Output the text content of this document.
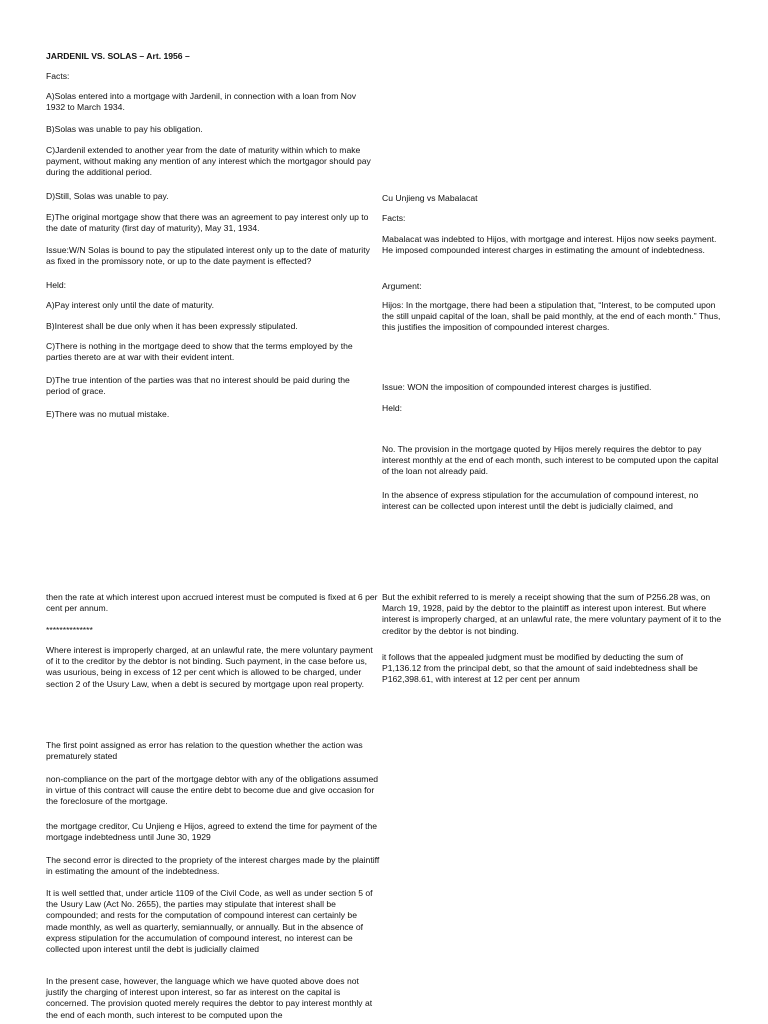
JARDENIL VS. SOLAS – Art. 1956 –

Facts:

A)Solas entered into a mortgage with Jardenil, in connection with a loan from Nov 1932 to March 1934.

B)Solas was unable to pay his obligation.

C)Jardenil extended to another year from the date of maturity within which to make payment, without making any mention of any interest which the mortgagor should pay during the additional period.

D)Still, Solas was unable to pay.

E)The original mortgage show that there was an agreement to pay interest only up to the date of maturity (first day of maturity), May 31, 1934.

Issue:W/N Solas is bound to pay the stipulated interest only up to the date of maturity as fixed in the promissory note, or up to the date payment is effected?

Held:

A)Pay interest only until the date of maturity.

B)Interest shall be due only when it has been expressly stipulated.

C)There is nothing in the mortgage deed to show that the terms employed by the parties thereto are at war with their evident intent.

D)The true intention of the parties was that no interest should be paid during the period of grace.

E)There was no mutual mistake.

Cu Unjieng vs Mabalacat

Facts:

Mabalacat was indebted to Hijos, with mortgage and interest. Hijos now seeks payment. He imposed compounded interest charges in estimating the amount of indebtedness.

Argument:

Hijos: In the mortgage, there had been a stipulation that, “Interest, to be computed upon the still unpaid capital of the loan, shall be paid monthly, at the end of each month.” Thus, this justifies the imposition of compounded interest charges.

Issue: WON the imposition of compounded interest charges is justified.

Held:

No. The provision in the mortgage quoted by Hijos merely requires the debtor to pay interest monthly at the end of each month, such interest to be computed upon the capital of the loan not already paid.

In the absence of express stipulation for the accumulation of compound interest, no interest can be collected upon interest until the debt is judicially claimed, and

then the rate at which interest upon accrued interest must be computed is fixed at 6 per cent per annum.

**************

Where interest is improperly charged, at an unlawful rate, the mere voluntary payment of it to the creditor by the debtor is not binding. Such payment, in the case before us, was usurious, being in excess of 12 per cent which is allowed to be charged, under section 2 of the Usury Law, when a debt is secured by mortgage upon real property.

The first point assigned as error has relation to the question whether the action was prematurely stated

non-compliance on the part of the mortgage debtor with any of the obligations assumed in virtue of this contract will cause the entire debt to become due and give occasion for the foreclosure of the mortgage.

the mortgage creditor, Cu Unjieng e Hijos, agreed to extend the time for payment of the mortgage indebtedness until June 30, 1929

The second error is directed to the propriety of the interest charges made by the plaintiff in estimating the amount of the indebtedness.

It is well settled that, under article 1109 of the Civil Code, as well as under section 5 of the Usury Law (Act No. 2655), the parties may stipulate that interest shall be compounded; and rests for the computation of compound interest can certainly be made monthly, as well as quarterly, semiannually, or annually. But in the absence of express stipulation for the accumulation of compound interest, no interest can be collected upon interest until the debt is judicially claimed

In the present case, however, the language which we have quoted above does not justify the charging of interest upon interest, so far as interest on the capital is concerned. The provision quoted merely requires the debtor to pay interest monthly at the end of each month, such interest to be computed upon the

But the exhibit referred to is merely a receipt showing that the sum of P256.28 was, on March 19, 1928, paid by the debtor to the plaintiff as interest upon interest. But where interest is improperly charged, at an unlawful rate, the mere voluntary payment of it to the creditor by the debtor is not binding.

it follows that the appealed judgment must be modified by deducting the sum of P1,136.12 from the principal debt, so that the amount of said indebtedness shall be P162,398.61, with interest at 12 per cent per annum
